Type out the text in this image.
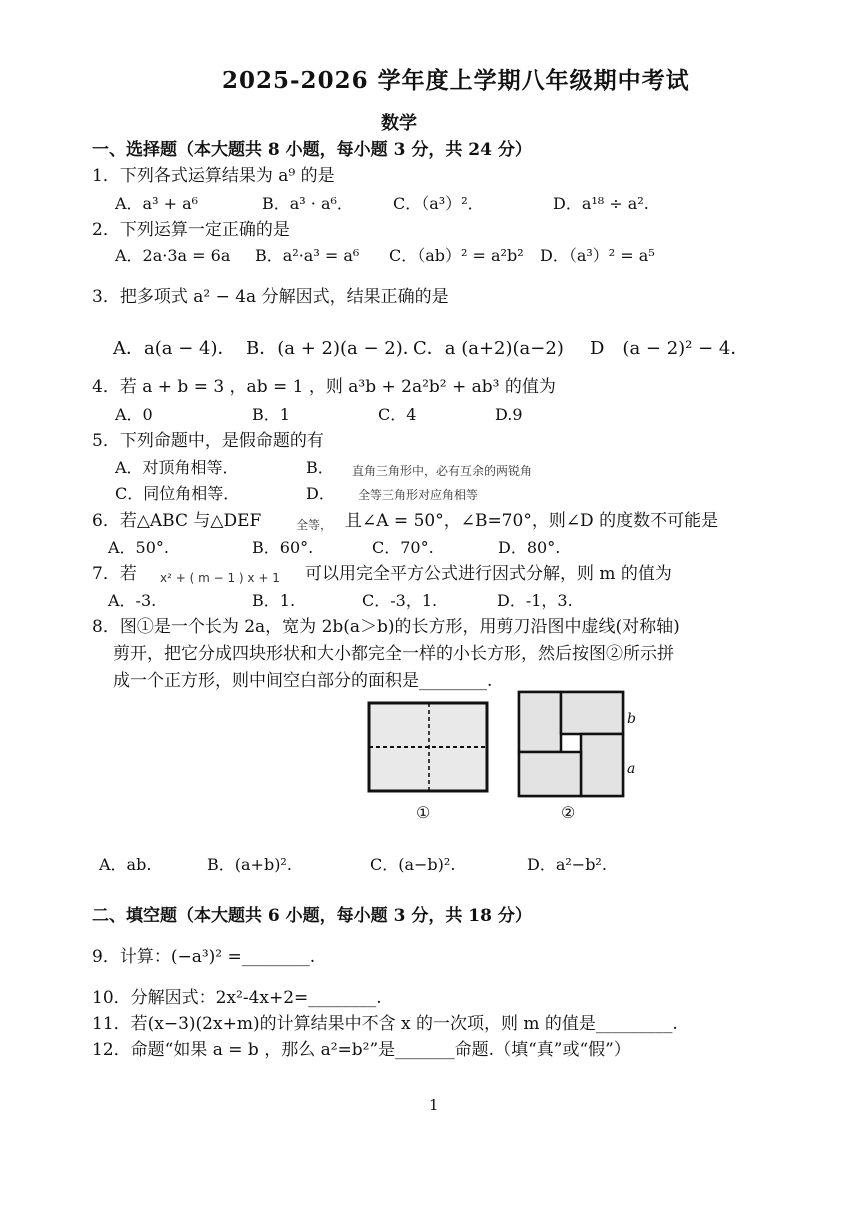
2025-2026 学年度上学期八年级期中考试
数学
一、选择题（本大题共 8 小题，每小题 3 分，共 24 分）
1．下列各式运算结果为 a⁹ 的是
A．a³ + a⁶	B．a³ · a⁶．	C．（a³）²．	D．a¹⁸ ÷ a².
2．下列运算一定正确的是
A．2a·3a = 6a B．a²·a³ = a⁶ C．（ab）² = a²b² D．（a³）² = a⁵
3．把多项式 a² − 4a 分解因式，结果正确的是
A．a(a − 4)． B．(a + 2)(a − 2)．
C．a (a+2)(a−2) D　(a − 2)² − 4．
4．若 a + b = 3 ，ab = 1 ，则 a³b + 2a²b² + ab³ 的值为
A．0	B．1	C．4	D.9
5．下列命题中，是假命题的有
A．对顶角相等．	B． 直角三角形中，必有互余的两锐角
C．同位角相等．	D． 全等三角形对应角相等
6．若△ABC 与△DEF	全等， 且∠A = 50°，∠B=70°，则∠D 的度数不可能是
A．50°.	B．60°.	C．70°.	D．80°.
7．若 x² + ( m − 1 ) x + 1 可以用完全平方公式进行因式分解，则 m 的值为
A．-3.	B．1.	C．-3，1.	D．-1，3.
8．图①是一个长为 2a，宽为 2b(a＞b)的长方形，用剪刀沿图中虚线(对称轴)
剪开，把它分成四块形状和大小都完全一样的小长方形，然后按图②所示拼
成一个正方形，则中间空白部分的面积是________.
①
b
a
②
A．ab.	B．(a+b)².	C．(a−b)².	D．a²−b².
二、填空题（本大题共 6 小题，每小题 3 分，共 18 分）
9．计算：(−a³)² =________.
10．分解因式：2x²-4x+2=________.
11．若(x−3)(2x+m)的计算结果中不含 x 的一次项，则 m 的值是_________.
12．命题“如果 a = b ，那么 a²=b²”是_______命题.（填“真”或“假”）
1
